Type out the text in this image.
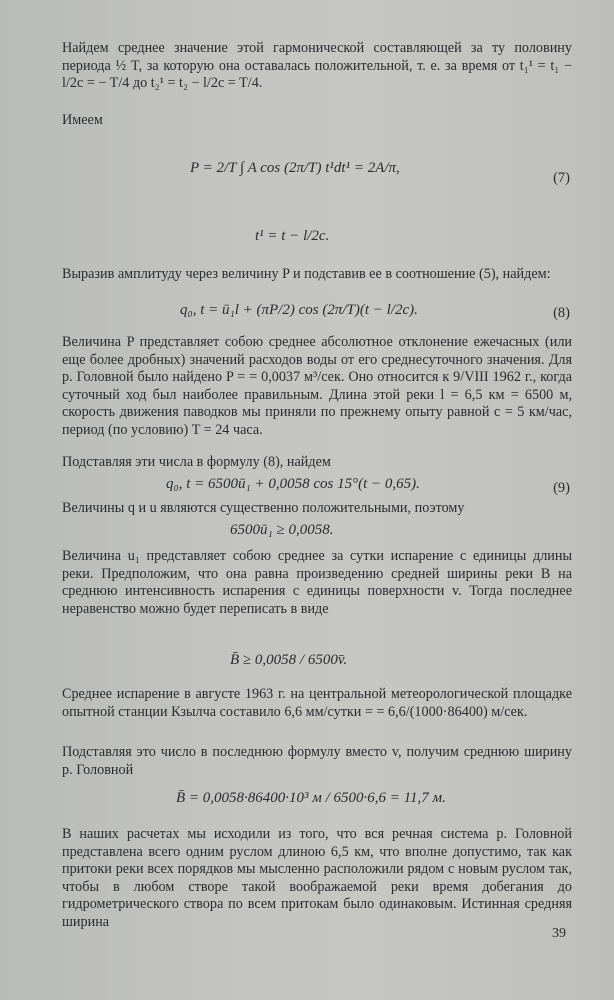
Найдем среднее значение этой гармонической составляющей за ту половину периода ½ T, за которую она оставалась положительной, т. е. за время от t₁¹ = t₁ − l/2c = − T/4 до t₂¹ = t₂ − l/2c = T/4.

Имеем

P = 2/T ∫ A cos (2π/T) t¹dt¹ = 2A/π,
(7)
t¹ = t − l/2c.

Выразив амплитуду через величину P и подставив ее в соотношение (5), найдем:

q₀, t = ū₁l + (πP/2) cos (2π/T)(t − l/2c).	(8)

Величина P представляет собою среднее абсолютное отклонение ежечасных (или еще более дробных) значений расходов воды от его среднесуточного значения. Для р. Головной было найдено P = = 0,0037 м³/сек. Оно относится к 9/VIII 1962 г., когда суточный ход был наиболее правильным. Длина этой реки l = 6,5 км = 6500 м, скорость движения паводков мы приняли по прежнему опыту равной c = 5 км/час, период (по условию) T = 24 часа.

Подставляя эти числа в формулу (8), найдем

q₀, t = 6500ū₁ + 0,0058 cos 15°(t − 0,65).	(9)

Величины q и u являются существенно положительными, поэтому

6500ū₁ ≥ 0,0058.

Величина u₁ представляет собою среднее за сутки испарение с единицы длины реки. Предположим, что она равна произведению средней ширины реки B на среднюю интенсивность испарения с единицы поверхности v. Тогда последнее неравенство можно будет переписать в виде

B̄ ≥ 0,0058 / 6500v̄.

Среднее испарение в августе 1963 г. на центральной метеорологической площадке опытной станции Кзылча составило 6,6 мм/сутки = = 6,6/(1000·86400) м/сек.

Подставляя это число в последнюю формулу вместо v, получим среднюю ширину р. Головной

B̄ = 0,0058·86400·10³ м / 6500·6,6 = 11,7 м.

В наших расчетах мы исходили из того, что вся речная система р. Головной представлена всего одним руслом длиною 6,5 км, что вполне допустимо, так как притоки реки всех порядков мы мысленно расположили рядом с новым руслом так, чтобы в любом створе такой воображаемой реки время добегания до гидрометрического створа по всем притокам было одинаковым. Истинная средняя ширина

39
